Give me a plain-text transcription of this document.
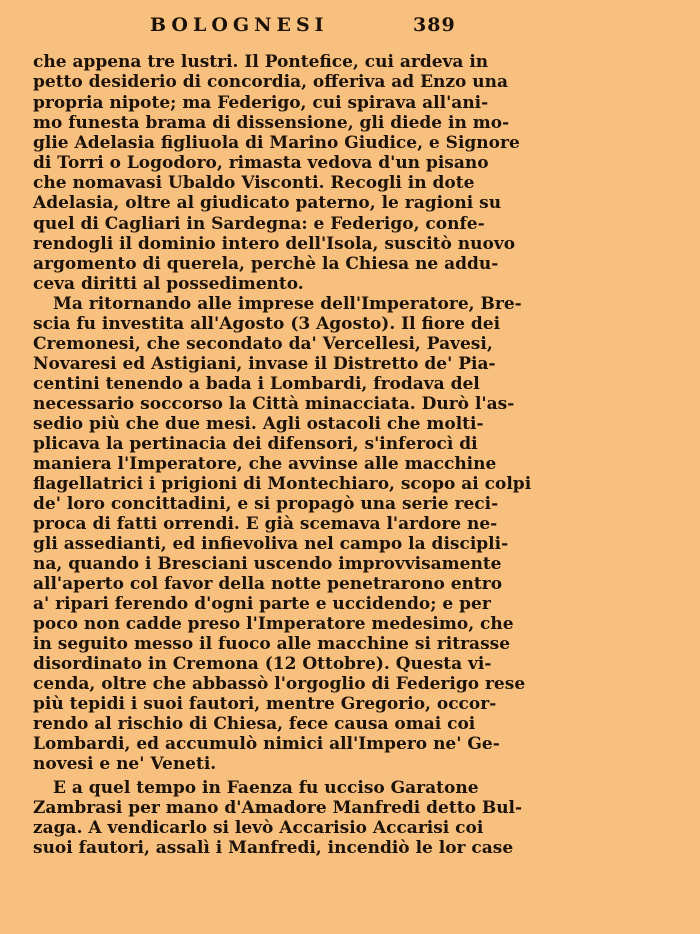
BOLOGNESI	389
che appena tre lustri. Il Pontefice, cui ardeva in
petto desiderio di concordia, offeriva ad Enzo una
propria nipote; ma Federigo, cui spirava all'ani-
mo funesta brama di dissensione, gli diede in mo-
glie Adelasia figliuola di Marino Giudice, e Signore
di Torri o Logodoro, rimasta vedova d'un pisano
che nomavasi Ubaldo Visconti. Recogli in dote
Adelasia, oltre al giudicato paterno, le ragioni su
quel di Cagliari in Sardegna: e Federigo, confe-
rendogli il dominio intero dell'Isola, suscitò nuovo
argomento di querela, perchè la Chiesa ne addu-
ceva diritti al possedimento.
Ma ritornando alle imprese dell'Imperatore, Bre-
scia fu investita all'Agosto (3 Agosto). Il fiore dei
Cremonesi, che secondato da' Vercellesi, Pavesi,
Novaresi ed Astigiani, invase il Distretto de' Pia-
centini tenendo a bada i Lombardi, frodava del
necessario soccorso la Città minacciata. Durò l'as-
sedio più che due mesi. Agli ostacoli che molti-
plicava la pertinacia dei difensori, s'inferocì di
maniera l'Imperatore, che avvinse alle macchine
flagellatrici i prigioni di Montechiaro, scopo ai colpi
de' loro concittadini, e si propagò una serie reci-
proca di fatti orrendi. E già scemava l'ardore ne-
gli assedianti, ed infievoliva nel campo la discipli-
na, quando i Bresciani uscendo improvvisamente
all'aperto col favor della notte penetrarono entro
a' ripari ferendo d'ogni parte e uccidendo; e per
poco non cadde preso l'Imperatore medesimo, che
in seguito messo il fuoco alle macchine si ritrasse
disordinato in Cremona (12 Ottobre). Questa vi-
cenda, oltre che abbassò l'orgoglio di Federigo rese
più tepidi i suoi fautori, mentre Gregorio, occor-
rendo al rischio di Chiesa, fece causa omai coi
Lombardi, ed accumulò nimici all'Impero ne' Ge-
novesi e ne' Veneti.
E a quel tempo in Faenza fu ucciso Garatone
Zambrasi per mano d'Amadore Manfredi detto Bul-
zaga. A vendicarlo si levò Accarisio Accarisi coi
suoi fautori, assalì i Manfredi, incendiò le lor case
